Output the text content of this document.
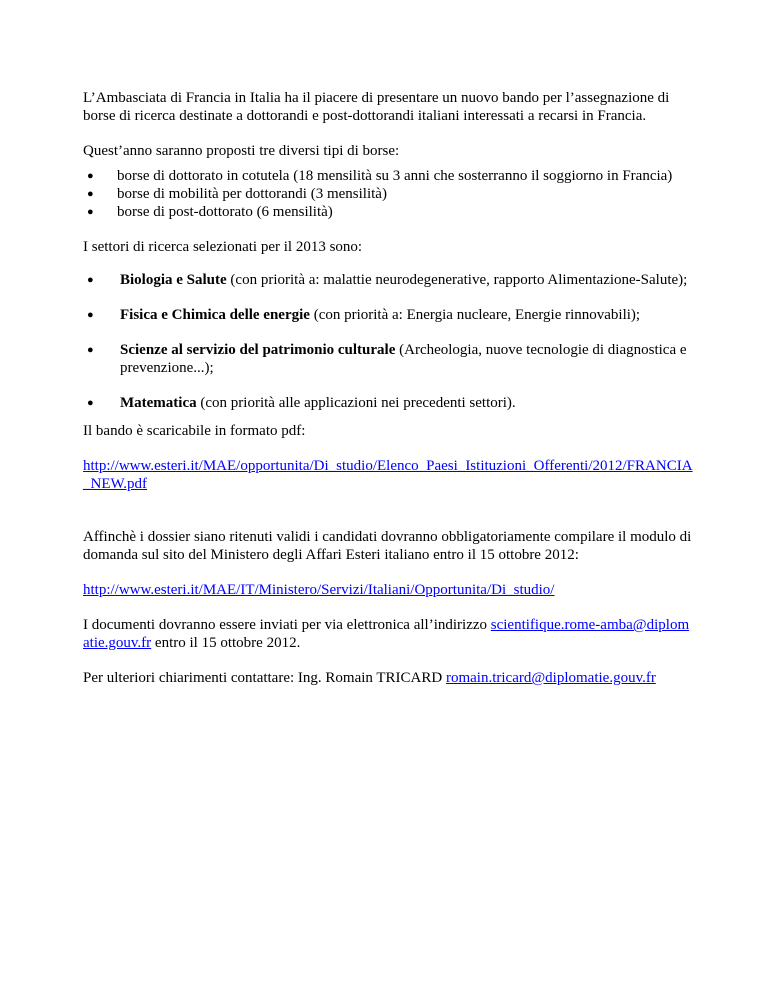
L’Ambasciata di Francia in Italia ha il piacere di presentare un nuovo bando per l’assegnazione di borse di ricerca destinate a dottorandi e post-dottorandi italiani interessati a recarsi in Francia.

Quest’anno saranno proposti tre diversi tipi di borse:

● borse di dottorato in cotutela (18 mensilità su 3 anni che sosterranno il soggiorno in Francia)
● borse di mobilità per dottorandi (3 mensilità)
● borse di post-dottorato (6 mensilità)

I settori di ricerca selezionati per il 2013 sono:

● Biologia e Salute (con priorità a: malattie neurodegenerative, rapporto Alimentazione-Salute);
● Fisica e Chimica delle energie (con priorità a: Energia nucleare, Energie rinnovabili);
● Scienze al servizio del patrimonio culturale (Archeologia, nuove tecnologie di diagnostica e prevenzione...);
● Matematica (con priorità alle applicazioni nei precedenti settori).

Il bando è scaricabile in formato pdf:

http://www.esteri.it/MAE/opportunita/Di_studio/Elenco_Paesi_Istituzioni_Offerenti/2012/FRANCIA_NEW.pdf

Affinchè i dossier siano ritenuti validi i candidati dovranno obbligatoriamente compilare il modulo di domanda sul sito del Ministero degli Affari Esteri italiano entro il 15 ottobre 2012:

http://www.esteri.it/MAE/IT/Ministero/Servizi/Italiani/Opportunita/Di_studio/

I documenti dovranno essere inviati per via elettronica all’indirizzo scientifique.rome-amba@diplomatie.gouv.fr entro il 15 ottobre 2012.

Per ulteriori chiarimenti contattare: Ing. Romain TRICARD romain.tricard@diplomatie.gouv.fr
